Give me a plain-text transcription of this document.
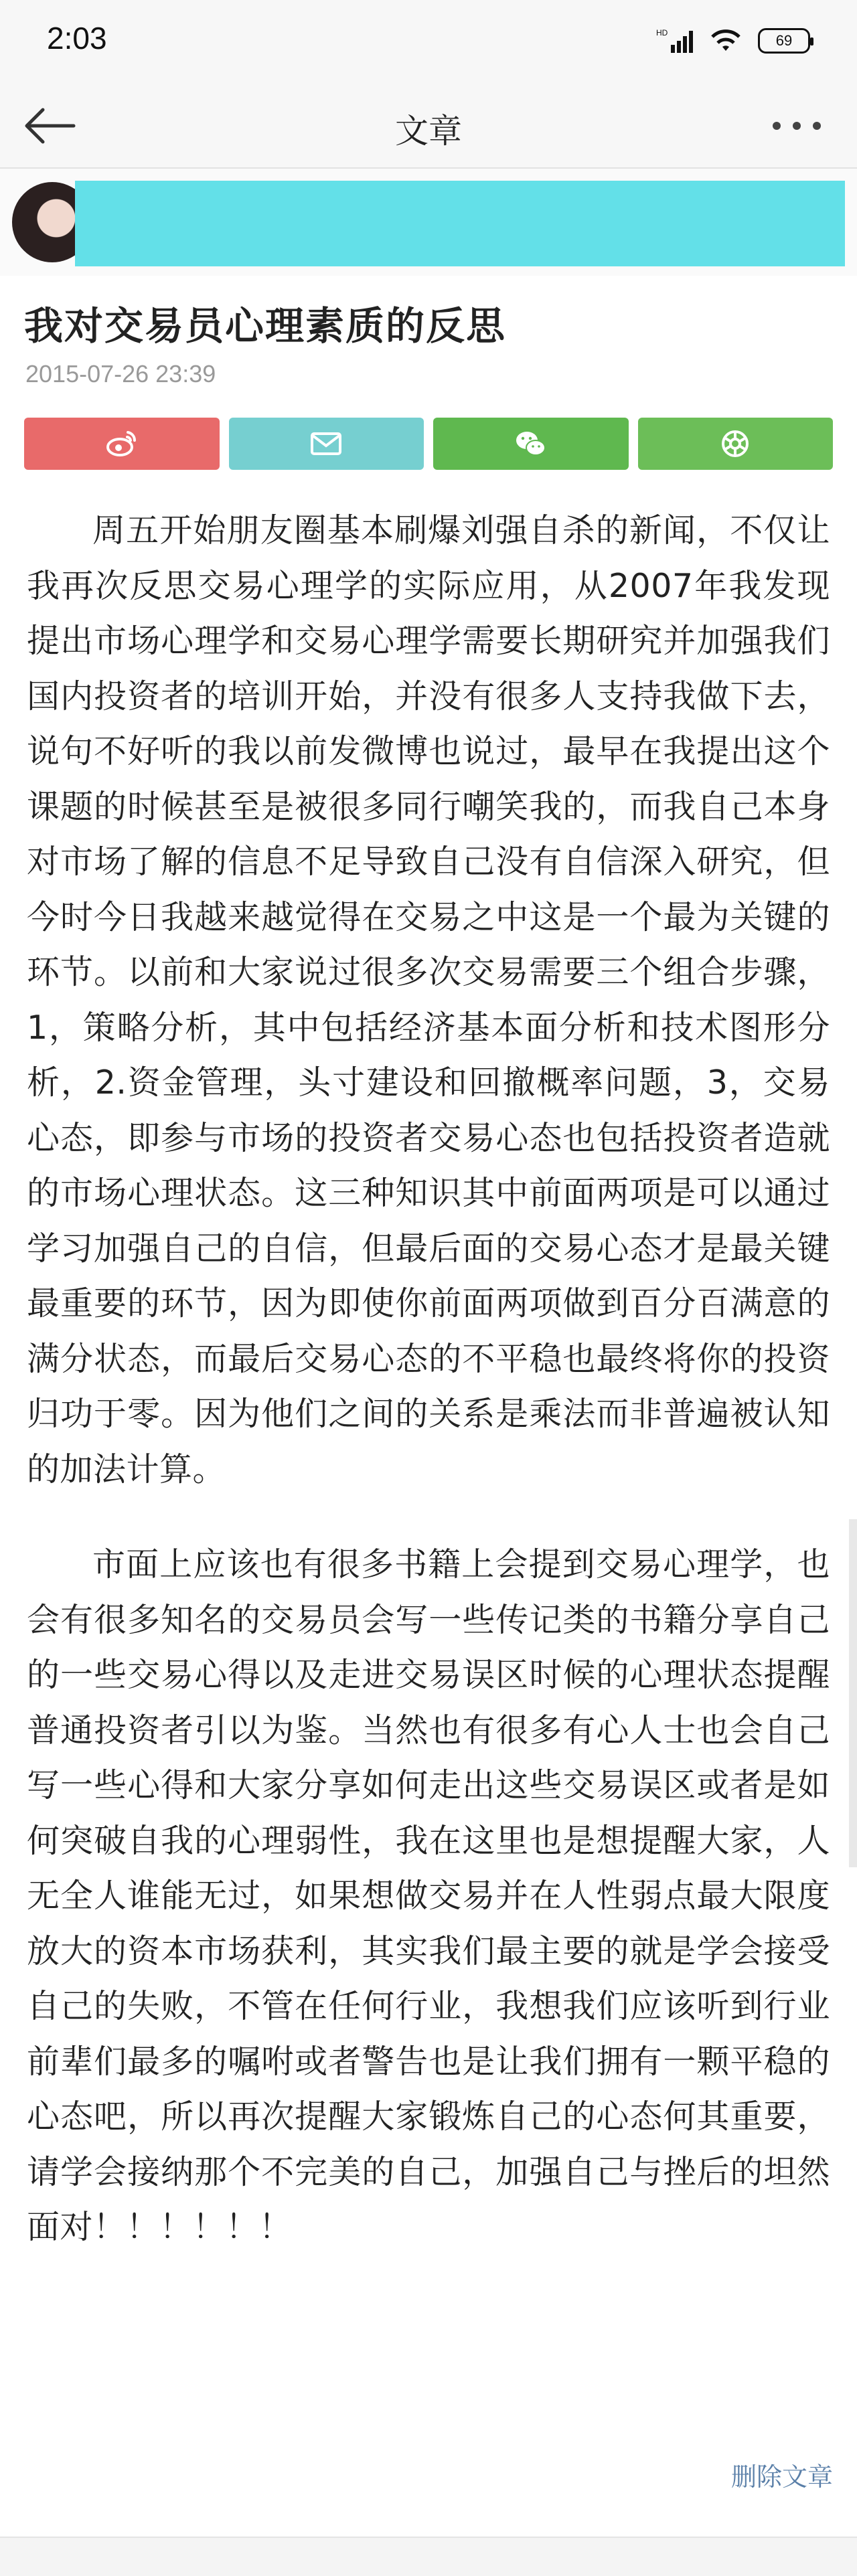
2:03	HD	69
文章
我对交易员心理素质的反思
2015-07-26 23:39

周五开始朋友圈基本刷爆刘强自杀的新闻，不仅让我再次反思交易心理学的实际应用，从2007年我发现提出市场心理学和交易心理学需要长期研究并加强我们国内投资者的培训开始，并没有很多人支持我做下去，说句不好听的我以前发微博也说过，最早在我提出这个课题的时候甚至是被很多同行嘲笑我的，而我自己本身对市场了解的信息不足导致自己没有自信深入研究，但今时今日我越来越觉得在交易之中这是一个最为关键的环节。以前和大家说过很多次交易需要三个组合步骤，1，策略分析，其中包括经济基本面分析和技术图形分析，2.资金管理，头寸建设和回撤概率问题，3，交易心态，即参与市场的投资者交易心态也包括投资者造就的市场心理状态。这三种知识其中前面两项是可以通过学习加强自己的自信，但最后面的交易心态才是最关键最重要的环节，因为即使你前面两项做到百分百满意的满分状态，而最后交易心态的不平稳也最终将你的投资归功于零。因为他们之间的关系是乘法而非普遍被认知的加法计算。

市面上应该也有很多书籍上会提到交易心理学，也会有很多知名的交易员会写一些传记类的书籍分享自己的一些交易心得以及走进交易误区时候的心理状态提醒普通投资者引以为鉴。当然也有很多有心人士也会自己写一些心得和大家分享如何走出这些交易误区或者是如何突破自我的心理弱性，我在这里也是想提醒大家，人无全人谁能无过，如果想做交易并在人性弱点最大限度放大的资本市场获利，其实我们最主要的就是学会接受自己的失败，不管在任何行业，我想我们应该听到行业前辈们最多的嘱咐或者警告也是让我们拥有一颗平稳的心态吧，所以再次提醒大家锻炼自己的心态何其重要，请学会接纳那个不完美的自己，加强自己与挫后的坦然面对！！！！！！

删除文章
